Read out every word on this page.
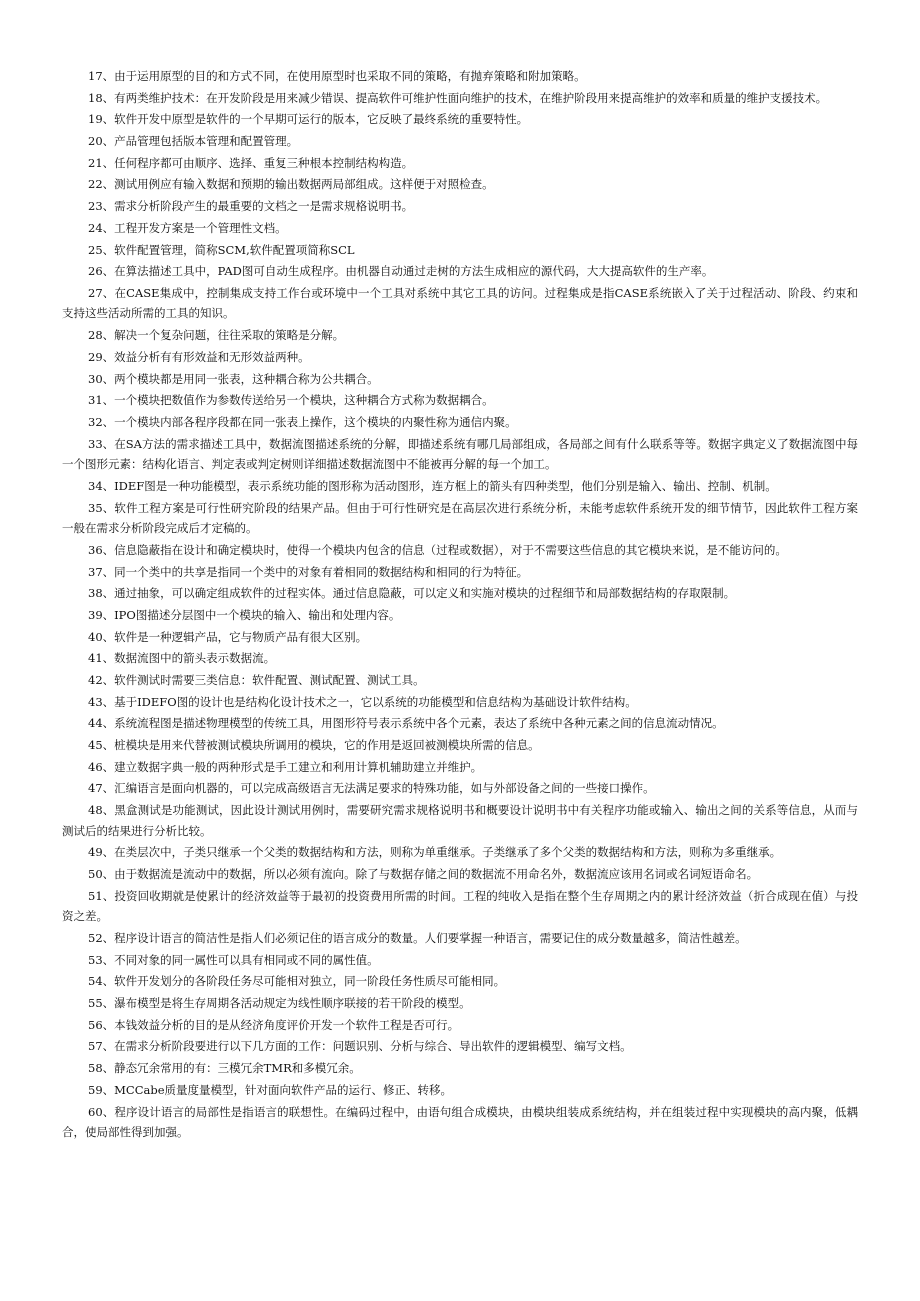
17、由于运用原型的目的和方式不同，在使用原型时也采取不同的策略，有抛弃策略和附加策略。

18、有两类维护技术：在开发阶段是用来减少错误、提高软件可维护性面向维护的技术，在维护阶段用来提高维护的效率和质量的维护支援技术。

19、软件开发中原型是软件的一个早期可运行的版本，它反映了最终系统的重要特性。

20、产品管理包括版本管理和配置管理。

21、任何程序都可由顺序、选择、重复三种根本控制结构构造。

22、测试用例应有输入数据和预期的输出数据两局部组成。这样便于对照检查。

23、需求分析阶段产生的最重要的文档之一是需求规格说明书。

24、工程开发方案是一个管理性文档。

25、软件配置管理，简称SCM,软件配置项简称SCL

26、在算法描述工具中，PAD图可自动生成程序。由机器自动通过走树的方法生成相应的源代码，大大提高软件的生产率。

27、在CASE集成中，控制集成支持工作台或环境中一个工具对系统中其它工具的访问。过程集成是指CASE系统嵌入了关于过程活动、阶段、约束和支持这些活动所需的工具的知识。

28、解决一个复杂问题，往往采取的策略是分解。

29、效益分析有有形效益和无形效益两种。

30、两个模块都是用同一张表，这种耦合称为公共耦合。

31、一个模块把数值作为参数传送给另一个模块，这种耦合方式称为数据耦合。

32、一个模块内部各程序段都在同一张表上操作，这个模块的内聚性称为通信内聚。

33、在SA方法的需求描述工具中，数据流图描述系统的分解，即描述系统有哪几局部组成，各局部之间有什么联系等等。数据字典定义了数据流图中每一个图形元素：结构化语言、判定表或判定树则详细描述数据流图中不能被再分解的每一个加工。

34、IDEF图是一种功能模型，表示系统功能的图形称为活动图形，连方框上的箭头有四种类型，他们分别是输入、输出、控制、机制。

35、软件工程方案是可行性研究阶段的结果产品。但由于可行性研究是在高层次进行系统分析，未能考虑软件系统开发的细节情节，因此软件工程方案一般在需求分析阶段完成后才定稿的。

36、信息隐蔽指在设计和确定模块时，使得一个模块内包含的信息（过程或数据），对于不需要这些信息的其它模块来说，是不能访问的。

37、同一个类中的共享是指同一个类中的对象有着相同的数据结构和相同的行为特征。

38、通过抽象，可以确定组成软件的过程实体。通过信息隐蔽，可以定义和实施对模块的过程细节和局部数据结构的存取限制。

39、IPO图描述分层图中一个模块的输入、输出和处理内容。

40、软件是一种逻辑产品，它与物质产品有很大区别。

41、数据流图中的箭头表示数据流。

42、软件测试时需要三类信息：软件配置、测试配置、测试工具。

43、基于IDEFO图的设计也是结构化设计技术之一，它以系统的功能模型和信息结构为基础设计软件结构。

44、系统流程图是描述物理模型的传统工具，用图形符号表示系统中各个元素，表达了系统中各种元素之间的信息流动情况。

45、桩模块是用来代替被测试模块所调用的模块，它的作用是返回被测模块所需的信息。

46、建立数据字典一般的两种形式是手工建立和利用计算机辅助建立并维护。

47、汇编语言是面向机器的，可以完成高级语言无法满足要求的特殊功能，如与外部设备之间的一些接口操作。

48、黑盒测试是功能测试，因此设计测试用例时，需要研究需求规格说明书和概要设计说明书中有关程序功能或输入、输出之间的关系等信息，从而与测试后的结果进行分析比较。

49、在类层次中，子类只继承一个父类的数据结构和方法，则称为单重继承。子类继承了多个父类的数据结构和方法，则称为多重继承。

50、由于数据流是流动中的数据，所以必须有流向。除了与数据存储之间的数据流不用命名外，数据流应该用名词或名词短语命名。

51、投资回收期就是使累计的经济效益等于最初的投资费用所需的时间。工程的纯收入是指在整个生存周期之内的累计经济效益（折合成现在值）与投资之差。

52、程序设计语言的简洁性是指人们必须记住的语言成分的数量。人们要掌握一种语言，需要记住的成分数量越多，简洁性越差。

53、不同对象的同一属性可以具有相同或不同的属性值。

54、软件开发划分的各阶段任务尽可能相对独立，同一阶段任务性质尽可能相同。

55、瀑布模型是将生存周期各活动规定为线性顺序联接的若干阶段的模型。

56、本钱效益分析的目的是从经济角度评价开发一个软件工程是否可行。

57、在需求分析阶段要进行以下几方面的工作：问题识别、分析与综合、导出软件的逻辑模型、编写文档。

58、静态冗余常用的有：三模冗余TMR和多模冗余。

59、MCCabe质量度量模型，针对面向软件产品的运行、修正、转移。

60、程序设计语言的局部性是指语言的联想性。在编码过程中，由语句组合成模块，由模块组装成系统结构，并在组装过程中实现模块的高内聚，低耦合，使局部性得到加强。
